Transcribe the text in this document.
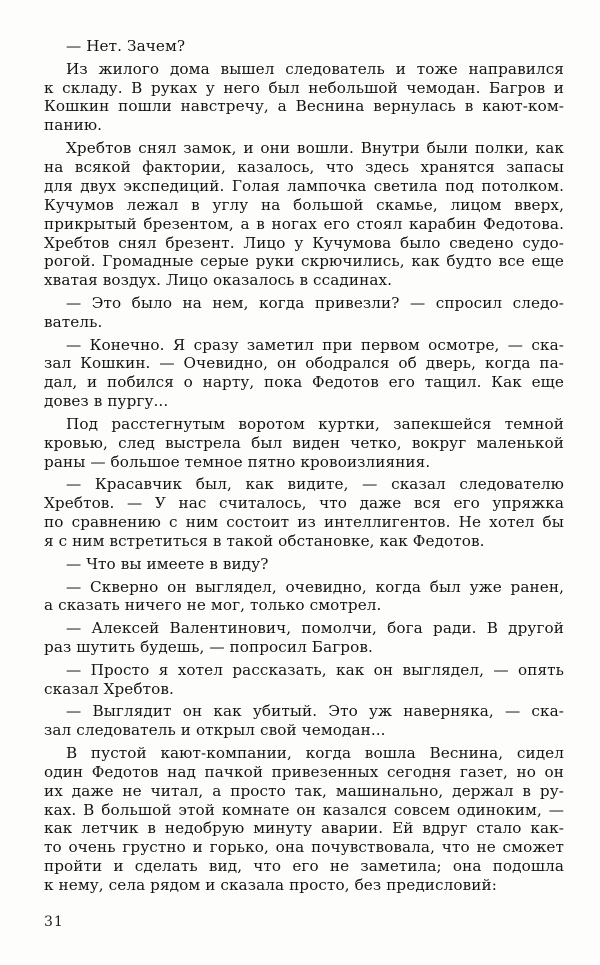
— Нет. Зачем?
Из жилого дома вышел следователь и тоже направился
к складу. В руках у него был небольшой чемодан. Багров и
Кошкин пошли навстречу, а Веснина вернулась в кают-ком-
панию.
Хребтов снял замок, и они вошли. Внутри были полки, как
на всякой фактории, казалось, что здесь хранятся запасы
для двух экспедиций. Голая лампочка светила под потолком.
Кучумов лежал в углу на большой скамье, лицом вверх,
прикрытый брезентом, а в ногах его стоял карабин Федотова.
Хребтов снял брезент. Лицо у Кучумова было сведено судо-
рогой. Громадные серые руки скрючились, как будто все еще
хватая воздух. Лицо оказалось в ссадинах.
— Это было на нем, когда привезли? — спросил следо-
ватель.
— Конечно. Я сразу заметил при первом осмотре, — ска-
зал Кошкин. — Очевидно, он ободрался об дверь, когда па-
дал, и побился о нарту, пока Федотов его тащил. Как еще
довез в пургу...
Под расстегнутым воротом куртки, запекшейся темной
кровью, след выстрела был виден четко, вокруг маленькой
раны — большое темное пятно кровоизлияния.
— Красавчик был, как видите, — сказал следователю
Хребтов. — У нас считалось, что даже вся его упряжка
по сравнению с ним состоит из интеллигентов. Не хотел бы
я с ним встретиться в такой обстановке, как Федотов.
— Что вы имеете в виду?
— Скверно он выглядел, очевидно, когда был уже ранен,
а сказать ничего не мог, только смотрел.
— Алексей Валентинович, помолчи, бога ради. В другой
раз шутить будешь, — попросил Багров.
— Просто я хотел рассказать, как он выглядел, — опять
сказал Хребтов.
— Выглядит он как убитый. Это уж наверняка, — ска-
зал следователь и открыл свой чемодан...
В пустой кают-компании, когда вошла Веснина, сидел
один Федотов над пачкой привезенных сегодня газет, но он
их даже не читал, а просто так, машинально, держал в ру-
ках. В большой этой комнате он казался совсем одиноким, —
как летчик в недобрую минуту аварии. Ей вдруг стало как-
то очень грустно и горько, она почувствовала, что не сможет
пройти и сделать вид, что его не заметила; она подошла
к нему, села рядом и сказала просто, без предисловий:
31
